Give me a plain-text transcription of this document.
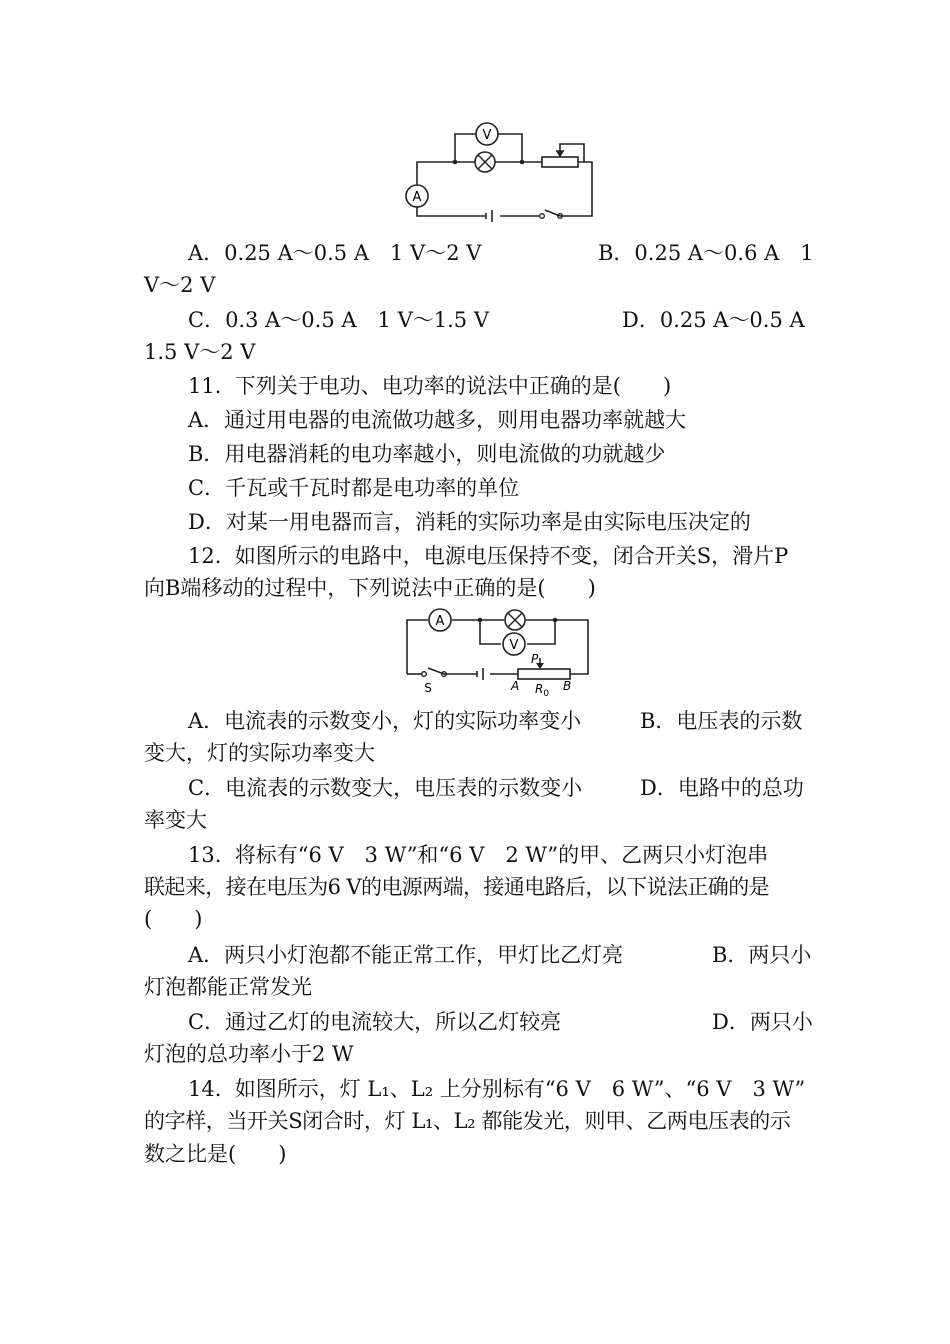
V
A
A．0.25 A～0.5 A　1 V～2 V	B．0.25 A～0.6 A　1
V～2 V
C．0.3 A～0.5 A　1 V～1.5 V	D．0.25 A～0.5 A
1.5 V～2 V
11.  下列关于电功、电功率的说法中正确的是(　　)
A．通过用电器的电流做功越多，则用电器功率就越大
B．用电器消耗的电功率越小，则电流做的功就越少
C．千瓦或千瓦时都是电功率的单位
D．对某一用电器而言，消耗的实际功率是由实际电压决定的
12.  如图所示的电路中，电源电压保持不变，闭合开关S，滑片P
向B端移动的过程中，下列说法中正确的是(　　)
A
V
S
P
A	B
$R_0$
A．电流表的示数变小，灯的实际功率变小	B．电压表的示数
变大，灯的实际功率变大
C．电流表的示数变大，电压表的示数变小	D．电路中的总功
率变大
13.  将标有“6 V　3 W”和“6 V　2 W”的甲、乙两只小灯泡串
联起来，接在电压为6 V的电源两端，接通电路后，以下说法正确的是
(　　)
A．两只小灯泡都不能正常工作，甲灯比乙灯亮	B．两只小
灯泡都能正常发光
C．通过乙灯的电流较大，所以乙灯较亮	D．两只小
灯泡的总功率小于2 W
14.  如图所示，灯 L₁、L₂ 上分别标有“6 V　6 W”、“6 V　3 W”
的字样，当开关S闭合时，灯 L₁、L₂ 都能发光，则甲、乙两电压表的示
数之比是(　　)
